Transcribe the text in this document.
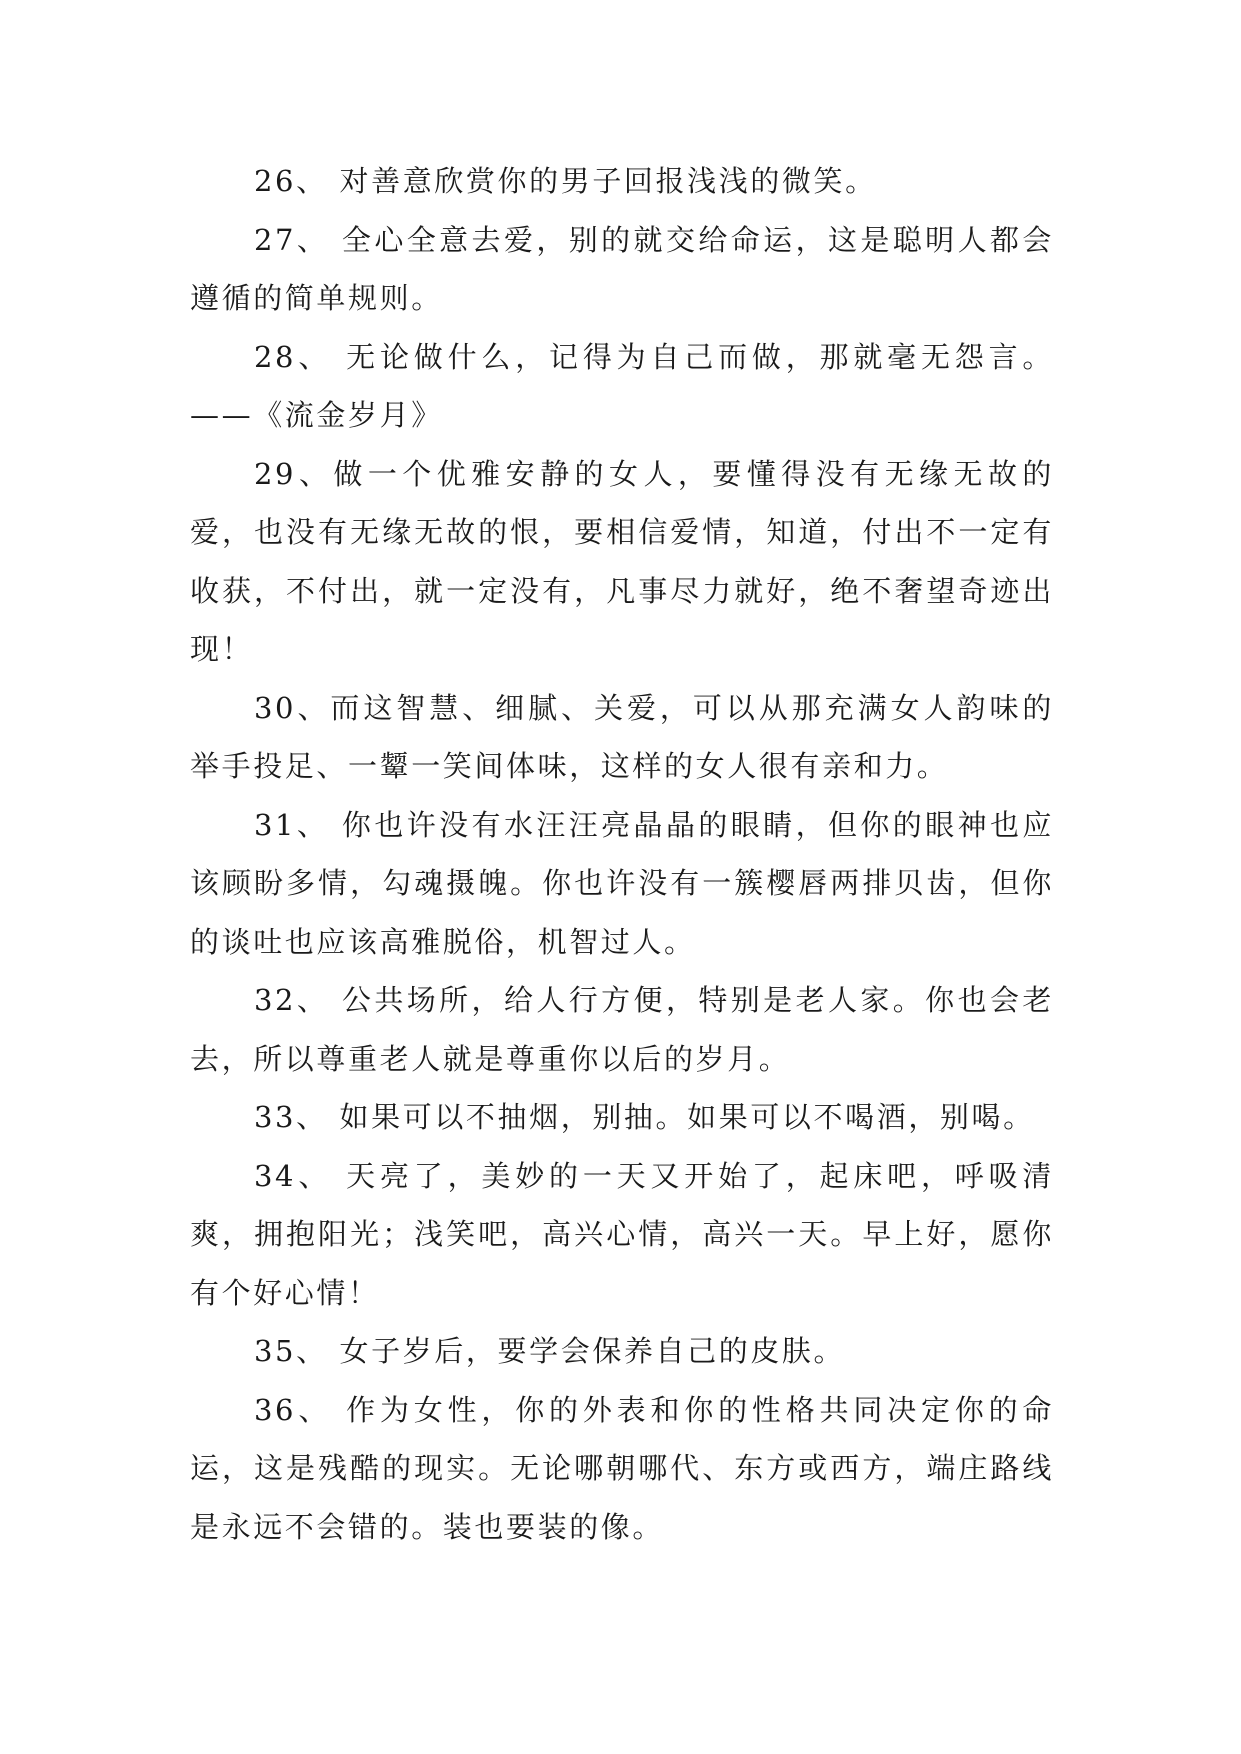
26、 对善意欣赏你的男子回报浅浅的微笑。

27、 全心全意去爱，别的就交给命运，这是聪明人都会遵循的简单规则。

28、 无论做什么，记得为自己而做，那就毫无怨言。——《流金岁月》

29、做一个优雅安静的女人，要懂得没有无缘无故的爱，也没有无缘无故的恨，要相信爱情，知道，付出不一定有收获，不付出，就一定没有，凡事尽力就好，绝不奢望奇迹出现！

30、而这智慧、细腻、关爱，可以从那充满女人韵味的举手投足、一颦一笑间体味，这样的女人很有亲和力。

31、 你也许没有水汪汪亮晶晶的眼睛，但你的眼神也应该顾盼多情，勾魂摄魄。你也许没有一簇樱唇两排贝齿，但你的谈吐也应该高雅脱俗，机智过人。

32、 公共场所，给人行方便，特别是老人家。你也会老去，所以尊重老人就是尊重你以后的岁月。

33、 如果可以不抽烟，别抽。如果可以不喝酒，别喝。

34、 天亮了，美妙的一天又开始了，起床吧，呼吸清爽，拥抱阳光；浅笑吧，高兴心情，高兴一天。早上好，愿你有个好心情！

35、 女子岁后，要学会保养自己的皮肤。

36、 作为女性，你的外表和你的性格共同决定你的命运，这是残酷的现实。无论哪朝哪代、东方或西方，端庄路线是永远不会错的。装也要装的像。
